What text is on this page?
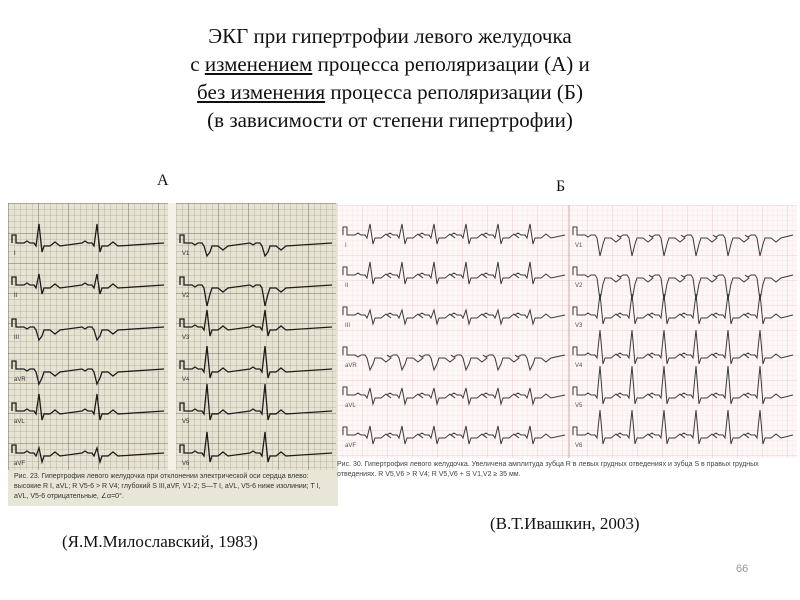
ЭКГ при гипертрофии левого желудочка
с изменением процесса реполяризации (А) и
без изменения процесса реполяризации (Б)
(в зависимости от степени гипертрофии)
А	Б
I
II
III
aVR
aVL
aVF
V1
V2
V3
V4
V5
V6
Рис. 23. Гипертрофия левого желудочка при отклонении электрической оси сердца влево: высокие R I, aVL; R V5-6 > R V4; глубокий S III,aVF, V1-2; S—T I, aVL, V5-6 ниже изолинии; T I, aVL, V5-6 отрицательные, ∠α=0°.
I
II
III
aVR
aVL
aVF
V1
V2
V3
V4
V5
V6
Рис. 30. Гипертрофия левого желудочка. Увеличена амплитуда зубца R в левых грудных отведениях и зубца S в правых грудных отведениях. R V5,V6 > R V4; R V5,V6 + S V1,V2 ≥ 35 мм.
(В.Т.Ивашкин, 2003)
(Я.М.Милославский, 1983)
66
